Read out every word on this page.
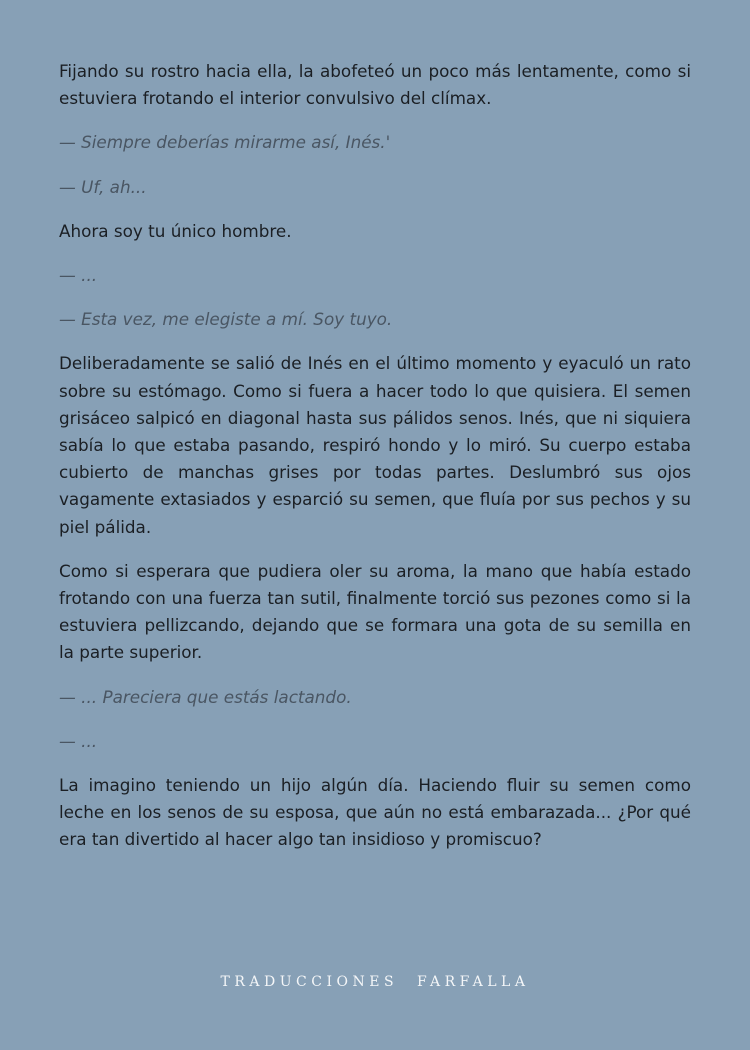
Fijando su rostro hacia ella, la abofeteó un poco más lentamente, como si estuviera frotando el interior convulsivo del clímax.

— Siempre deberías mirarme así, Inés.'

— Uf, ah...

Ahora soy tu único hombre.

— ...

— Esta vez, me elegiste a mí. Soy tuyo.

Deliberadamente se salió de Inés en el último momento y eyaculó un rato sobre su estómago. Como si fuera a hacer todo lo que quisiera. El semen grisáceo salpicó en diagonal hasta sus pálidos senos. Inés, que ni siquiera sabía lo que estaba pasando, respiró hondo y lo miró. Su cuerpo estaba cubierto de manchas grises por todas partes. Deslumbró sus ojos vagamente extasiados y esparció su semen, que fluía por sus pechos y su piel pálida.

Como si esperara que pudiera oler su aroma, la mano que había estado frotando con una fuerza tan sutil, finalmente torció sus pezones como si la estuviera pellizcando, dejando que se formara una gota de su semilla en la parte superior.

— ... Pareciera que estás lactando.

— ...

La imagino teniendo un hijo algún día. Haciendo fluir su semen como leche en los senos de su esposa, que aún no está embarazada... ¿Por qué era tan divertido al hacer algo tan insidioso y promiscuo?

TRADUCCIONES FARFALLA
